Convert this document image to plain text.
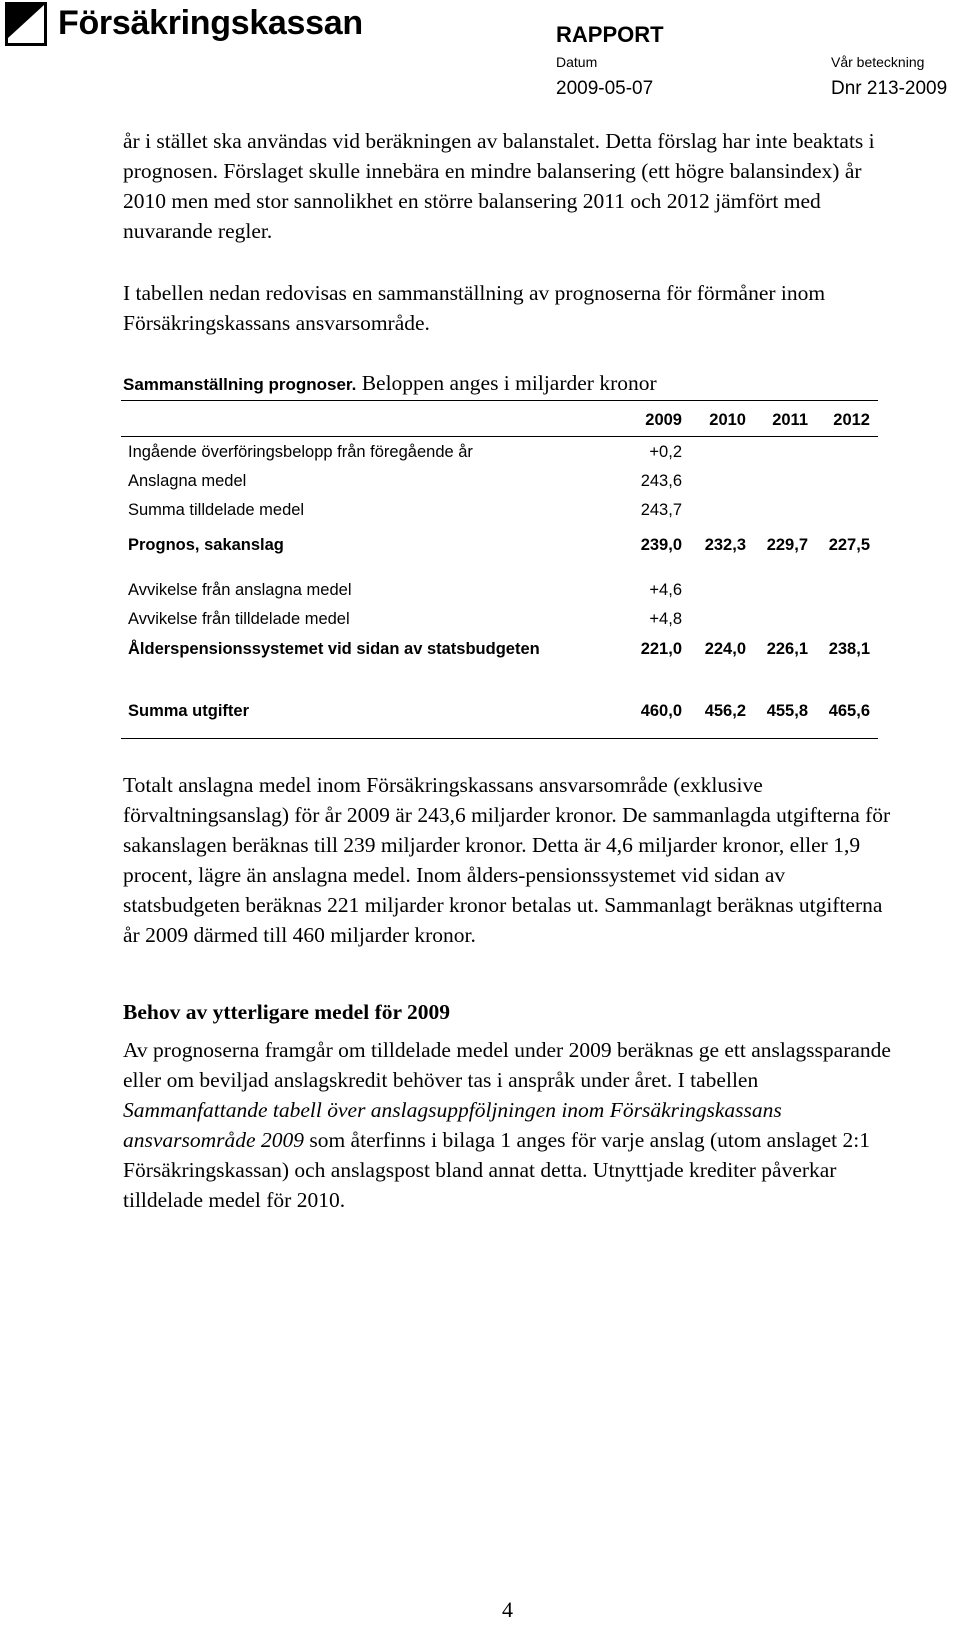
Försäkringskassan	RAPPORT
Datum
2009-05-07
Vår beteckning
Dnr 213-2009

år i stället ska användas vid beräkningen av balanstalet. Detta förslag har inte beaktats i prognosen. Förslaget skulle innebära en mindre balansering (ett högre balansindex) år 2010 men med stor sannolikhet en större balansering 2011 och 2012 jämfört med nuvarande regler.

I tabellen nedan redovisas en sammanställning av prognoserna för förmåner inom Försäkringskassans ansvarsområde.

Sammanställning prognoser. Beloppen anges i miljarder kronor
2009	2010	2011	2012
Ingående överföringsbelopp från föregående år	+0,2
Anslagna medel	243,6
Summa tilldelade medel	243,7
Prognos, sakanslag	239,0	232,3	229,7	227,5
Avvikelse från anslagna medel	+4,6
Avvikelse från tilldelade medel	+4,8
Ålderspensionssystemet vid sidan av statsbudgeten	221,0	224,0	226,1	238,1
Summa utgifter	460,0	456,2	455,8	465,6

Totalt anslagna medel inom Försäkringskassans ansvarsområde (exklusive förvaltningsanslag) för år 2009 är 243,6 miljarder kronor. De sammanlagda utgifterna för sakanslagen beräknas till 239 miljarder kronor. Detta är 4,6 miljarder kronor, eller 1,9 procent, lägre än anslagna medel. Inom ålders-pensionssystemet vid sidan av statsbudgeten beräknas 221 miljarder kronor betalas ut. Sammanlagt beräknas utgifterna år 2009 därmed till 460 miljarder kronor.

Behov av ytterligare medel för 2009

Av prognoserna framgår om tilldelade medel under 2009 beräknas ge ett anslagssparande eller om beviljad anslagskredit behöver tas i anspråk under året. I tabellen Sammanfattande tabell över anslagsuppföljningen inom Försäkringskassans ansvarsområde 2009 som återfinns i bilaga 1 anges för varje anslag (utom anslaget 2:1 Försäkringskassan) och anslagspost bland annat detta. Utnyttjade krediter påverkar tilldelade medel för 2010.

4
